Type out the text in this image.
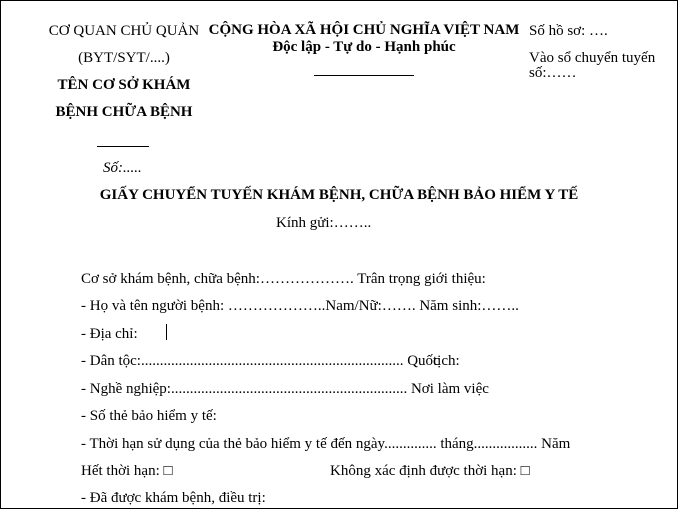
CƠ QUAN CHỦ QUẢN
(BYT/SYT/....)
TÊN CƠ SỞ KHÁM
BỆNH CHỮA BỆNH
Số:.....
CỘNG HÒA XÃ HỘI CHỦ NGHĨA VIỆT NAM
Độc lập - Tự do - Hạnh phúc
Số hồ sơ: ….
Vào sổ chuyển tuyến
số:……
GIẤY CHUYỂN TUYẾN KHÁM BỆNH, CHỮA BỆNH BẢO HIỂM Y TẾ
Kính gửi:……..
Cơ sở khám bệnh, chữa bệnh:………………. Trân trọng giới thiệu:
- Họ và tên người bệnh: ………………..Nam/Nữ:……. Năm sinh:……..
- Địa chỉ:
- Dân tộc:...................................................................... Quốc
tịch:
- Nghề nghiệp:............................................................... Nơi làm việc
- Số thẻ bảo hiểm y tế:
- Thời hạn sử dụng của thẻ bảo hiểm y tế đến ngày.............. tháng................. Năm
Hết thời hạn: □	Không xác định được thời hạn: □
- Đã được khám bệnh, điều trị:
